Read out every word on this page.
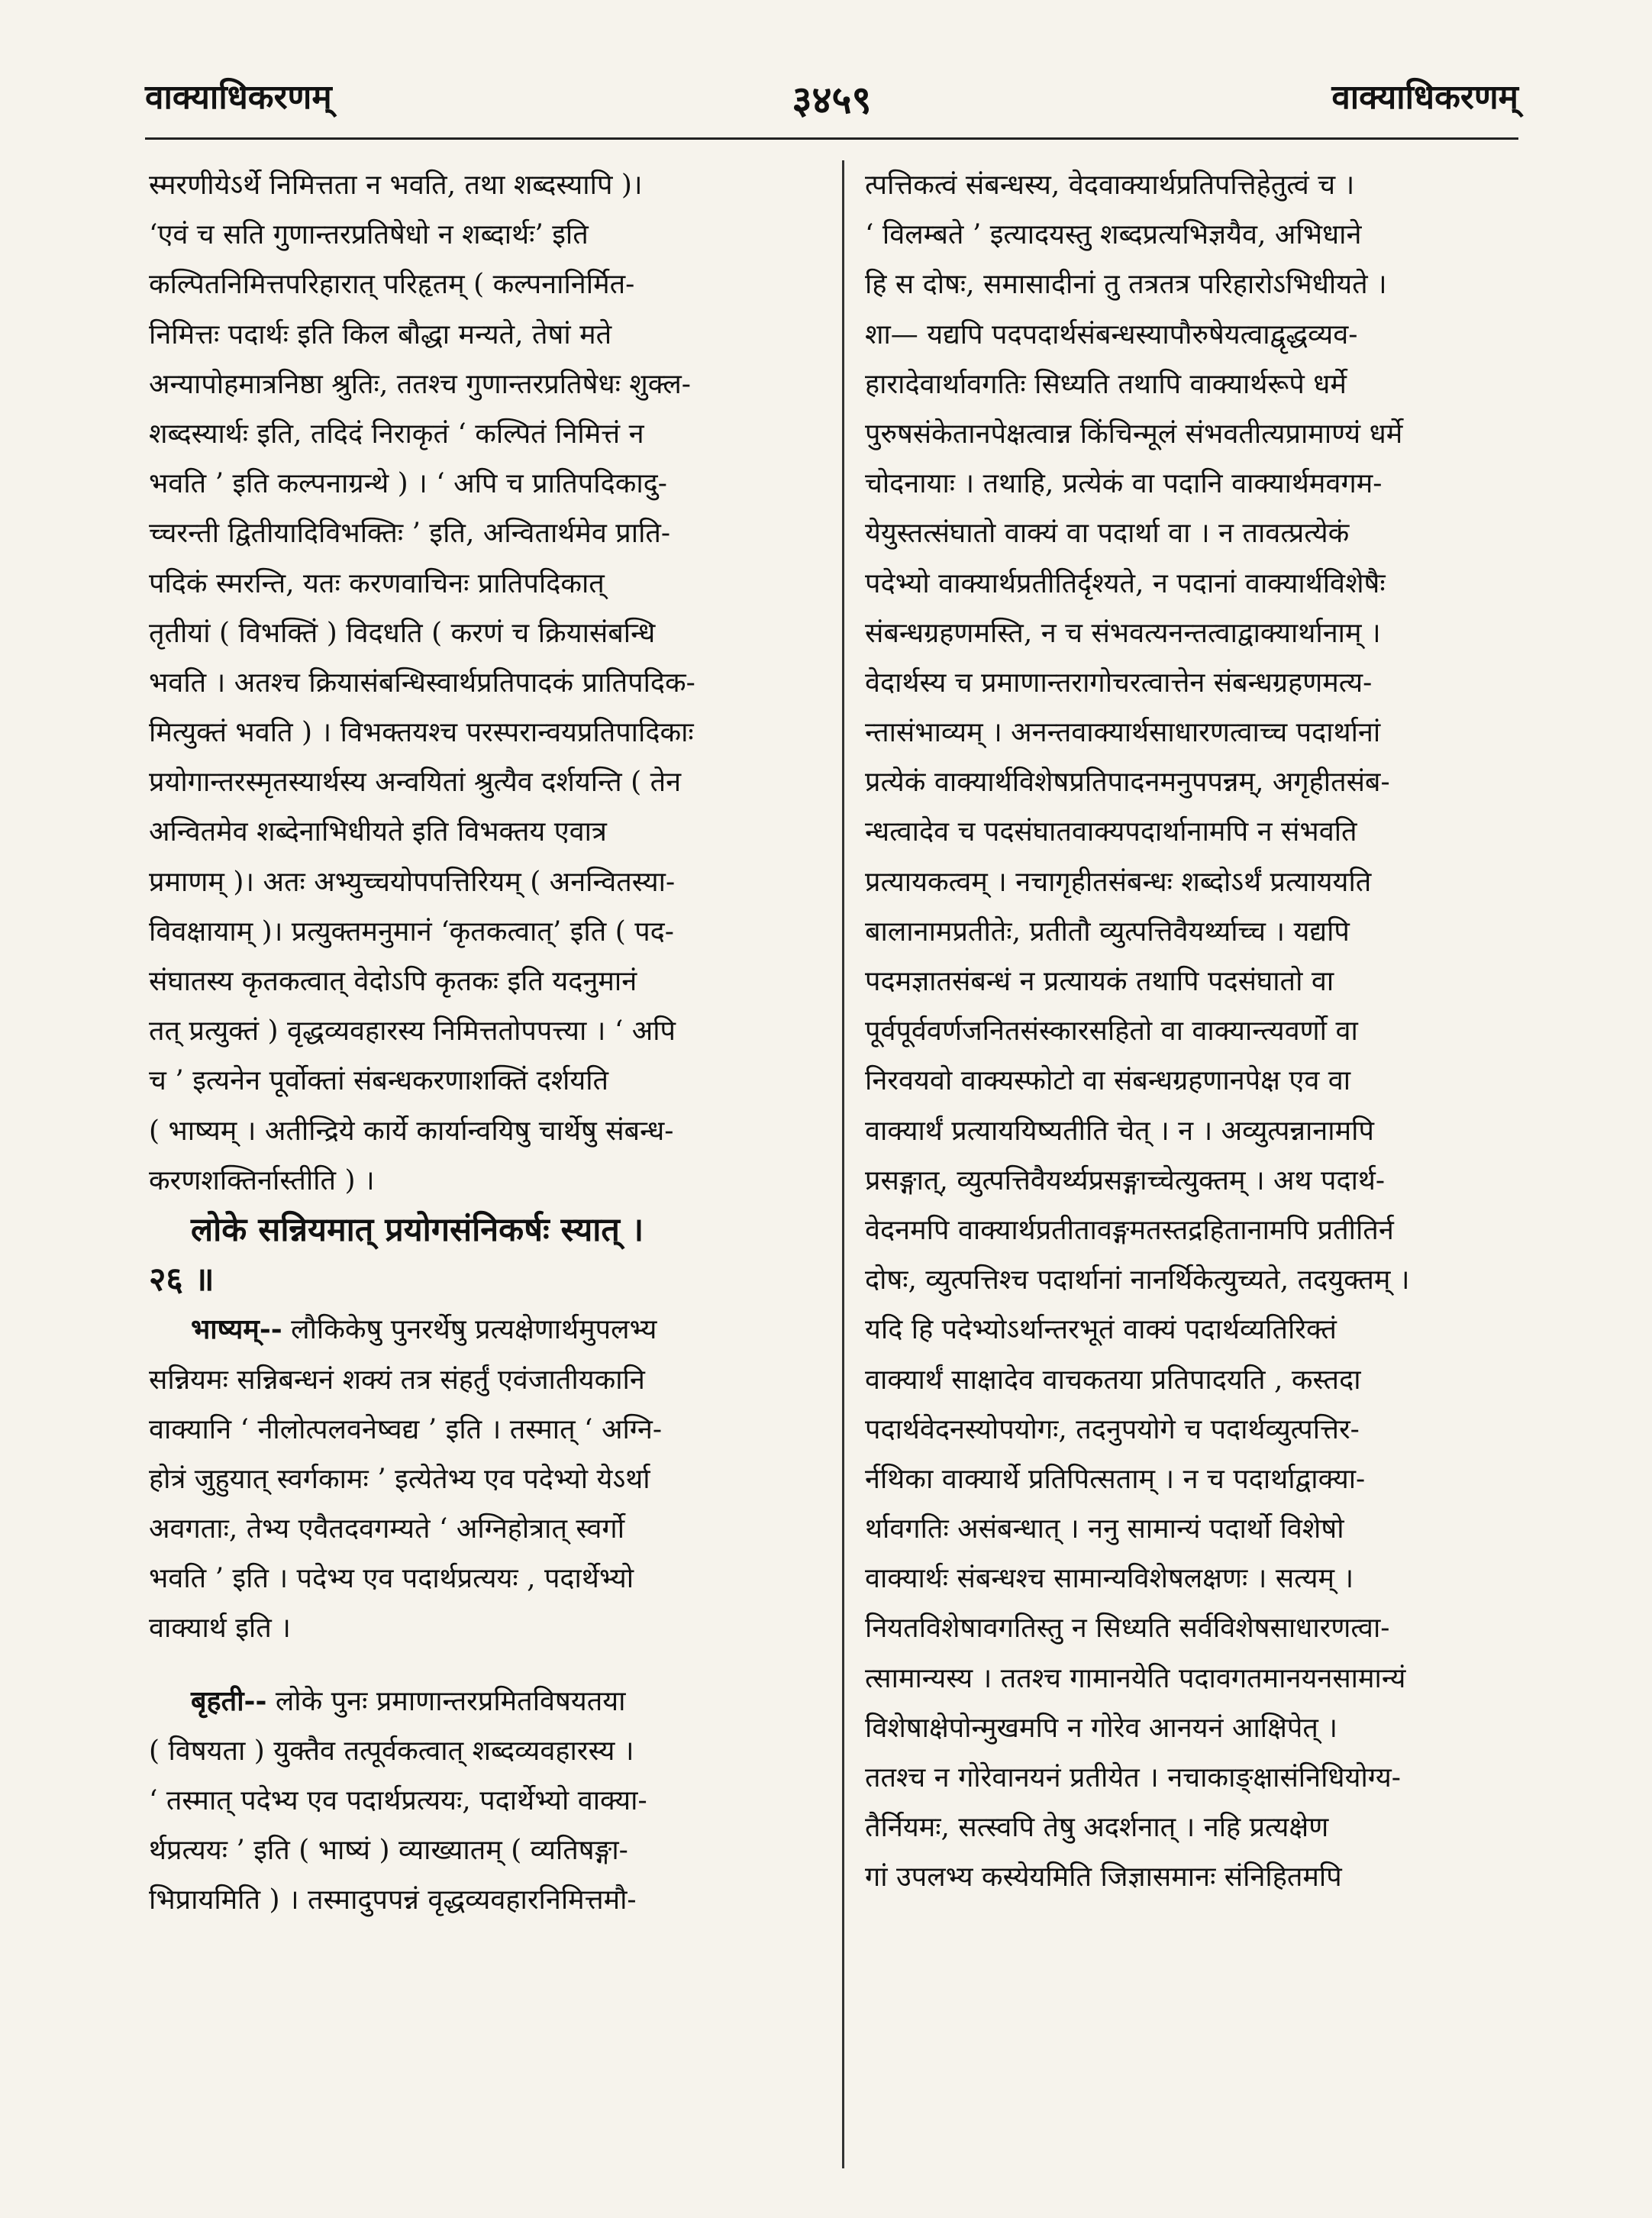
वाक्याधिकरणम्	३४५९	वाक्याधिकरणम्
स्मरणीयेऽर्थे निमित्तता न भवति, तथा शब्दस्यापि )।
‘एवं च सति गुणान्तरप्रतिषेधो न शब्दार्थः’ इति
कल्पितनिमित्तपरिहारात् परिहृतम् ( कल्पनानिर्मित-
निमित्तः पदार्थः इति किल बौद्धा मन्यते, तेषां मते
अन्यापोहमात्रनिष्ठा श्रुतिः, ततश्च गुणान्तरप्रतिषेधः शुक्ल-
शब्दस्यार्थः इति, तदिदं निराकृतं ‘ कल्पितं निमित्तं न
भवति ’ इति कल्पनाग्रन्थे ) । ‘ अपि च प्रातिपदिकादु-
च्चरन्ती द्वितीयादिविभक्तिः ’ इति, अन्वितार्थमेव प्राति-
पदिकं स्मरन्ति, यतः करणवाचिनः प्रातिपदिकात्
तृतीयां ( विभक्तिं ) विदधति ( करणं च क्रियासंबन्धि
भवति । अतश्च क्रियासंबन्धिस्वार्थप्रतिपादकं प्रातिपदिक-
मित्युक्तं भवति ) । विभक्तयश्च परस्परान्वयप्रतिपादिकाः
प्रयोगान्तरस्मृतस्यार्थस्य अन्वयितां श्रुत्यैव दर्शयन्ति ( तेन
अन्वितमेव शब्देनाभिधीयते इति विभक्तय एवात्र
प्रमाणम् )। अतः अभ्युच्चयोपपत्तिरियम् ( अनन्वितस्या-
विवक्षायाम् )। प्रत्युक्तमनुमानं ‘कृतकत्वात्’ इति ( पद-
संघातस्य कृतकत्वात् वेदोऽपि कृतकः इति यदनुमानं
तत् प्रत्युक्तं ) वृद्धव्यवहारस्य निमित्ततोपपत्त्या । ‘ अपि
च ’ इत्यनेन पूर्वोक्तां संबन्धकरणाशक्तिं दर्शयति
( भाष्यम् । अतीन्द्रिये कार्ये कार्यान्वयिषु चार्थेषु संबन्ध-
करणशक्तिर्नास्तीति ) ।
लोके सन्नियमात् प्रयोगसंनिकर्षः स्यात् ।
२६ ॥
भाष्यम्-- लौकिकेषु पुनरर्थेषु प्रत्यक्षेणार्थमुपलभ्य
सन्नियमः सन्निबन्धनं शक्यं तत्र संहर्तुं एवंजातीयकानि
वाक्यानि ‘ नीलोत्पलवनेष्वद्य ’ इति । तस्मात् ‘ अग्नि-
होत्रं जुहुयात् स्वर्गकामः ’ इत्येतेभ्य एव पदेभ्यो येऽर्था
अवगताः, तेभ्य एवैतदवगम्यते ‘ अग्निहोत्रात् स्वर्गो
भवति ’ इति । पदेभ्य एव पदार्थप्रत्ययः , पदार्थेभ्यो
वाक्यार्थ इति ।
बृहती-- लोके पुनः प्रमाणान्तरप्रमितविषयतया
( विषयता ) युक्तैव तत्पूर्वकत्वात् शब्दव्यवहारस्य ।
‘ तस्मात् पदेभ्य एव पदार्थप्रत्ययः, पदार्थेभ्यो वाक्या-
र्थप्रत्ययः ’ इति ( भाष्यं ) व्याख्यातम् ( व्यतिषङ्गा-
भिप्रायमिति ) । तस्मादुपपन्नं वृद्धव्यवहारनिमित्तमौ-
त्पत्तिकत्वं संबन्धस्य, वेदवाक्यार्थप्रतिपत्तिहेतुत्वं च ।
‘ विलम्बते ’ इत्यादयस्तु शब्दप्रत्यभिज्ञयैव, अभिधाने
हि स दोषः, समासादीनां तु तत्रतत्र परिहारोऽभिधीयते ।
शा— यद्यपि पदपदार्थसंबन्धस्यापौरुषेयत्वाद्वृद्धव्यव-
हारादेवार्थावगतिः सिध्यति तथापि वाक्यार्थरूपे धर्मे
पुरुषसंकेतानपेक्षत्वान्न किंचिन्मूलं संभवतीत्यप्रामाण्यं धर्मे
चोदनायाः । तथाहि, प्रत्येकं वा पदानि वाक्यार्थमवगम-
येयुस्तत्संघातो वाक्यं वा पदार्था वा । न तावत्प्रत्येकं
पदेभ्यो वाक्यार्थप्रतीतिर्दृश्यते, न पदानां वाक्यार्थविशेषैः
संबन्धग्रहणमस्ति, न च संभवत्यनन्तत्वाद्वाक्यार्थानाम् ।
वेदार्थस्य च प्रमाणान्तरागोचरत्वात्तेन संबन्धग्रहणमत्य-
न्तासंभाव्यम् । अनन्तवाक्यार्थसाधारणत्वाच्च पदार्थानां
प्रत्येकं वाक्यार्थविशेषप्रतिपादनमनुपपन्नम्, अगृहीतसंब-
न्धत्वादेव च पदसंघातवाक्यपदार्थानामपि न संभवति
प्रत्यायकत्वम् । नचागृहीतसंबन्धः शब्दोऽर्थं प्रत्याययति
बालानामप्रतीतेः, प्रतीतौ व्युत्पत्तिवैयर्थ्याच्च । यद्यपि
पदमज्ञातसंबन्धं न प्रत्यायकं तथापि पदसंघातो वा
पूर्वपूर्ववर्णजनितसंस्कारसहितो वा वाक्यान्त्यवर्णो वा
निरवयवो वाक्यस्फोटो वा संबन्धग्रहणानपेक्ष एव वा
वाक्यार्थं प्रत्याययिष्यतीति चेत् । न । अव्युत्पन्नानामपि
प्रसङ्गात्, व्युत्पत्तिवैयर्थ्यप्रसङ्गाच्चेत्युक्तम् । अथ पदार्थ-
वेदनमपि वाक्यार्थप्रतीतावङ्गमतस्तद्रहितानामपि प्रतीतिर्न
दोषः, व्युत्पत्तिश्च पदार्थानां नानर्थिकेत्युच्यते, तदयुक्तम् ।
यदि हि पदेभ्योऽर्थान्तरभूतं वाक्यं पदार्थव्यतिरिक्तं
वाक्यार्थं साक्षादेव वाचकतया प्रतिपादयति , कस्तदा
पदार्थवेदनस्योपयोगः, तदनुपयोगे च पदार्थव्युत्पत्तिर-
र्नथिका वाक्यार्थे प्रतिपित्सताम् । न च पदार्थाद्वाक्या-
र्थावगतिः असंबन्धात् । ननु सामान्यं पदार्थो विशेषो
वाक्यार्थः संबन्धश्च सामान्यविशेषलक्षणः । सत्यम् ।
नियतविशेषावगतिस्तु न सिध्यति सर्वविशेषसाधारणत्वा-
त्सामान्यस्य । ततश्च गामानयेति पदावगतमानयनसामान्यं
विशेषाक्षेपोन्मुखमपि न गोरेव आनयनं आक्षिपेत् ।
ततश्च न गोरेवानयनं प्रतीयेत । नचाकाङ्क्षासंनिधियोग्य-
तैर्नियमः, सत्स्वपि तेषु अदर्शनात् । नहि प्रत्यक्षेण
गां उपलभ्य कस्येयमिति जिज्ञासमानः संनिहितमपि
